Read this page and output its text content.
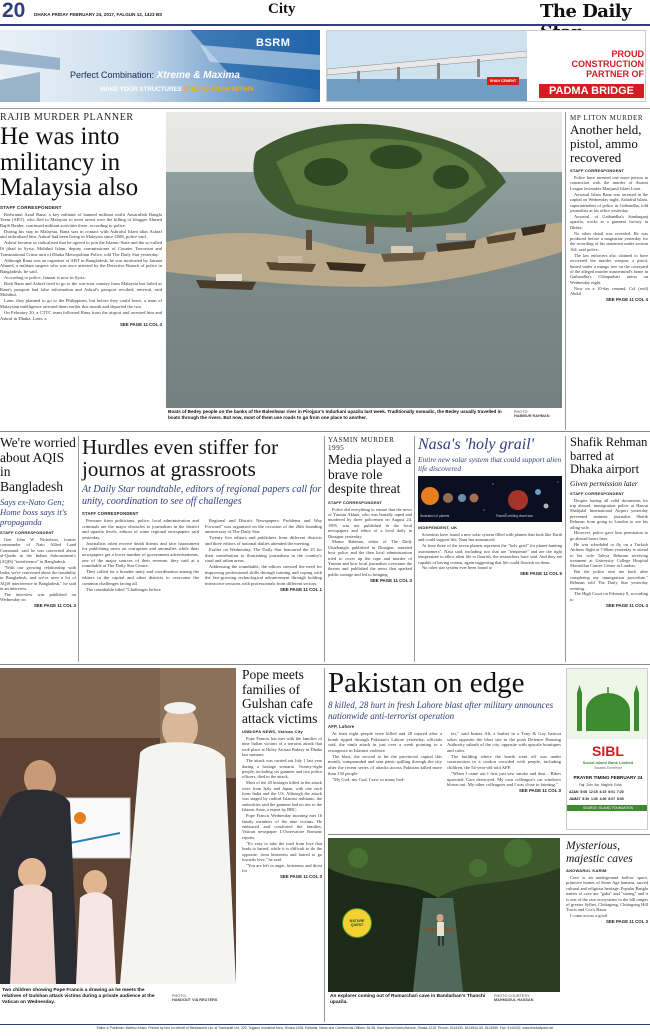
20 DHAKA FRIDAY FEBRUARY 24, 2017, FALGUN 12, 1423 BS	City	The Daily
BSRM
Perfect Combination: Xtreme & Maxima
MAKE YOUR STRUCTURES STRONG FROM WITHIN
SHAH CEMENT
PROUD
CONSTRUCTION
PARTNER OF
PADMA BRIDGE
RAJIB MURDER PLANNER
He was into militancy in Malaysia also
STAFF CORRESPONDENT

Redwanul Azad Rana, a key militant of banned militant outfit Ansarullah Bangla Team (ABT), who fled to Malaysia to avert arrest over the killing of blogger Ahmed Rajib Haider, continued militant activities there, according to police.

During his stay in Malaysia, Rana was in contact with Ashraful Islam alias Ashraf and radicalised him. Ashraf had been living in Malaysia since 2008, police said.

Ashraf became so radicalised that he agreed to join the Islamic State and the so-called IS jihad in Syria, Mohibul Islam, deputy commissioner of Counter Terrorism and Transnational Crime unit of Dhaka Metropolitan Police, told The Daily Star yesterday.

Although Rana was an organiser of ABT in Bangladesh, he was motivated by Jamaat Ahmed, a militant suspect who was once arrested by the Detective Branch of police in Bangladesh, he said.

According to police, Jamaat is now in Syria.

Both Rana and Ashraf tried to go to the war-torn country from Malaysia but failed as Rana's passport had false information and Ashraf's passport revoked, renewal, said Mohibul.

Later, they planned to go to the Philippines, but before they could leave, a team of Malaysian intelligence arrested them earlier this month and deported the two.

On February 20, a CTTC team followed Rana from the airport and arrested him and Ashraf in Dhaka. Later, a

SEE PAGE 11 COL 4
Boats of Bedey people on the banks of the Baleshwar river in Pirojpur's Indurkani upazila last week. Traditionally nomadic, the Bedey usually travelled in boats through the rivers. But now, most of them use roads to go from one place to another.
PHOTO:
HABIBUR RAHMAN
MP LITON MURDER
Another held, pistol, ammo recovered
STAFF CORRESPONDENT

Police have arrested one more person in connection with the murder of Awami League lawmaker Manjurul Islam Liton.

Aowarul Islam Rana was arrested in the capital on Wednesday night, Ashraful Islam, superintendent of police in Gaibandha, told journalists at his office yesterday.

Aowarul, of Gaibandha's Sundarganj upazila, works at a garment factory in Dhaka.

No other detail was revealed. He was produced before a magistrate yesterday for the recording of his statement under section 164, said police.

The law enforcers also claimed to have recovered the murder weapon, a pistol, hinted under a mango tree on the courtyard of the alleged murder mastermind's home in Gaibandha's Chhaparhati union on Wednesday night.

Now on a 10-day remand, Col (retd) Abdul

SEE PAGE 11 COL 4
We're worried about AQIS in Bangladesh
Says ex-Nato Gen; Home boss says it's propaganda
STAFF CORRESPONDENT

Gen John W Nicholson, former commander of Nato Allied Land Command, said he was concerned about al-Qaeda in the Indian Subcontinent's (AQIS) "interference" in Bangladesh.

"With our growing relationship with India, we're concerned about the instability in Bangladesh, and we've seen a lot of AQIS interference in Bangladesh," he said in an interview.

The interview was published on Wednesday on

SEE PAGE 11 COL 3
Hurdles even stiffer for journos at grassroots
At Daily Star roundtable, editors of regional papers call for unity, coordination to see off challenges
STAFF CORRESPONDENT

Pressure from politicians, police, local administration and criminals are the major obstacles to journalism in the district and upazila levels, editors of some regional newspapers said yesterday.

Journalists often receive death threats and face harassment for publishing news on corruption and anomalies while their newspapers get a lower number of government advertisements, one of the major sources of their revenue, they said at a roundtable at The Daily Star Centre.

They called for a broader unity and coordination among the editors in the capital and other districts to overcome the common challenges facing all.

The roundtable titled "Challenges before

Regional and District Newspapers: Problems and Way Forward" was organised on the occasion of the 26th founding anniversary of The Daily Star.

Twenty five editors and publishers from different districts and three editors of national dailies attended the meeting.

Earlier on Wednesday, The Daily Star honoured the 25 for their contribution to flourishing journalism in the country's rural and urban areas.

Addressing the roundtable, the editors stressed the need for improving professional skills through training and coping with the fast-growing technological advancement through holding interactive sessions with professionals from different sectors.

SEE PAGE 11 COL 1
YASMIN MURDER 1995
Media played a brave role despite threat
STAFF CORRESPONDENT

Police did everything to ensure that the news of Yasmin Akhter, who was brutally raped and murdered by three policemen on August 24, 1995, was not published in the local newspapers and editor of a local daily in Dinajpur yesterday.

Matiur Rahman, editor of The Daily Uttarbangla published in Dinajpur, narrated how police and the then local administration tried to cover up the rape and murder of Yasmin and how local journalists overcame the threats and published the news that sparked public outrage and led to bringing

SEE PAGE 11 COL 3
Nasa's 'holy grail'
Entire new solar system that could support alien life discovered
Illustration of planets	Planets orbiting dwarf star
INDEPENDENT, UK

Scientists have found a new solar system filled with planets that look like Earth and could support life, Nasa has announced.

At least three of the seven planets represent the "holy grail" for planet-hunting astronomers", Nasa said, including two that are "temperate" and are the right temperature to allow alien life to flourish, the researchers have said. And they are capable of having oceans, again suggesting that life could flourish on them.

No other star system ever been found to

SEE PAGE 11 COL 5
Shafik Rehman barred at Dhaka airport
Given permission later
STAFF CORRESPONDENT

Despite having all valid documents for trip abroad, immigration police at Hazrat Shahjalal International Airport yesterday prevented eminent journalist Shafik Rehman from going to London to see his ailing wife.

However, police gave him permission to go abroad hours later.

He was scheduled to fly on a Turkish Airlines flight at 7:00am yesterday to attend to his wife Taleya Rehman receiving treatment at University College Hospital Macmillan Cancer Centre in London.

But the police sent me back after completing my immigration procedure," Rehman told The Daily Star yesterday evening.

The High Court on February 8, according to

SEE PAGE 11 COL 4
Two children showing Pope Francis a drawing as he meets the relatives of Gulshan attack victims during a private audience at the Vatican on Wednesday.
PHOTO:
HANDOUT VIA REUTERS
Pope meets families of Gulshan cafe attack victims
UNB/DPA NEWS, Vatican City

Pope Francis has met with the families of nine Italian victims of a terrorist attack that took place at Holey Artisan Bakery in Dhaka last summer.

The attack was carried out July 1 last year during a hostage scenario. Twenty-eight people, including six gunmen and two police officers, died in the attack.

Most of the 20 hostages killed in the attack were from Italy and Japan, with one each from India and the US. Although the attack was staged by radical Islamist militants, the authorities said the gunmen had no ties to the Islamic State, a report by BBC.

Pope Francis Wednesday morning met 16 family members of the nine victims. He embraced and comforted the families, Vatican newspaper L'Osservatore Romano reports.

"It's easy to take the road from love that leads to hatred, while it is difficult to do the opposite: from bitterness and hatred to go towards love," he said.

"You are left in anger, bitterness and thirst for

SEE PAGE 11 COL 3
Pakistan on edge
8 killed, 28 hurt in fresh Lahore blast after military announces nationwide anti-terrorist operation
AFP, Lahore

At least eight people were killed and 28 injured after a bomb ripped through Pakistan's Lahore yesterday, officials said, the ninth attack in just over a week pointing to a resurgence in Islamist violence.

The blast, the second to hit the provincial capital this month, compounded and sent panic spilling through the city after the recent series of attacks across Pakistan killed more than 130 people.

"My God, my God, I saw so many bod-

ies," said Imtiaz Ali, a barber in a Tony & Guy haircut salon opposite the blast site in the posh Defence Housing Authority suburb of the city, opposite with upscale boutiques and cafes.

The building where the bomb went off was under construction in a cordon crowded with people, including children, the 54-year-old told AFP.

"When I came out I first just saw smoke and dust... Bikes uprooted. Cars destroyed. My own colleague's car windows blown out. My other colleagues and I was close to fainting."

SEE PAGE 11 COL 3
SIBL
Social Islami Bank Limited
Towards Excellence
PRAYER TIMING FEBRUARY 24
Fajr  Zohr  Asr  Maghrib  Esha
AZAN  5:06  12:15  4:15  6:01  7:20
JAMAT  5:30  1:30  4:30  6:07  8:00
SOURCE: ISLAMIC FOUNDATION
NATURE QUEST
An explorer coming out of Rumarchari cave in Bandarban's Thanchi upazila.
PHOTO COURTESY:
MAHMUDUL HASSAN
Mysterious, majestic caves
ANOWARUL KARIM

Cave is an underground hollow space, primitive homes of Stone Age humans, sacred cultural and religious heritage. Popular Bangla names of cave are "guha" and "surang" and it is one of the rare ecosystems in the hill ranges of greater Sylhet, Chittagong, Chittagong Hill Tracts and Cox's Bazar.

I come across a good

SEE PAGE 11 COL 3
Editor & Publisher: Mahfuz Anam. Printed by him on behalf of Mediaworld Ltd. at Transcraft Ltd, 229, Tejgaon Industrial Area, Dhaka-1208. Editorial, News and Commercial Offices: 64-65, Kazi Nazrul Islam Avenue, Dhaka-1215. Phone: 9144330, 8124944-55, 8124955. Fax: 9144332. www.thedailystar.net
